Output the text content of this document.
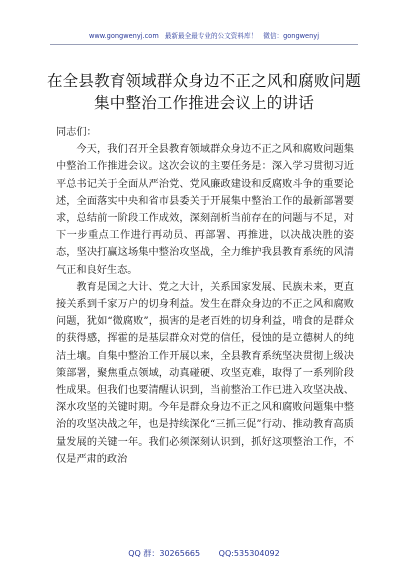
www.gongwenyj.com 最新最全最专业的公文资料库！ 微信：gongwenyj
在全县教育领域群众身边不正之风和腐败问题
集中整治工作推进会议上的讲话

同志们：

今天，我们召开全县教育领域群众身边不正之风和腐败问题集中整治工作推进会议。这次会议的主要任务是：深入学习贯彻习近平总书记关于全面从严治党、党风廉政建设和反腐败斗争的重要论述，全面落实中央和省市县委关于开展集中整治工作的最新部署要求，总结前一阶段工作成效，深刻剖析当前存在的问题与不足，对下一步重点工作进行再动员、再部署、再推进，以决战决胜的姿态，坚决打赢这场集中整治攻坚战，全力维护我县教育系统的风清气正和良好生态。

教育是国之大计、党之大计，关系国家发展、民族未来，更直接关系到千家万户的切身利益。发生在群众身边的不正之风和腐败问题，犹如“微腐败”，损害的是老百姓的切身利益，啃食的是群众的获得感，挥霍的是基层群众对党的信任，侵蚀的是立德树人的纯洁土壤。自集中整治工作开展以来，全县教育系统坚决贯彻上级决策部署，聚焦重点领域，动真碰硬、攻坚克难，取得了一系列阶段性成果。但我们也要清醒认识到，当前整治工作已进入攻坚决战、深水攻坚的关键时期。今年是群众身边不正之风和腐败问题集中整治的攻坚决战之年，也是持续深化“三抓三促”行动、推动教育高质量发展的关键一年。我们必须深刻认识到，抓好这项整治工作，不仅是严肃的政治

QQ 群：30265665 QQ:535304092
